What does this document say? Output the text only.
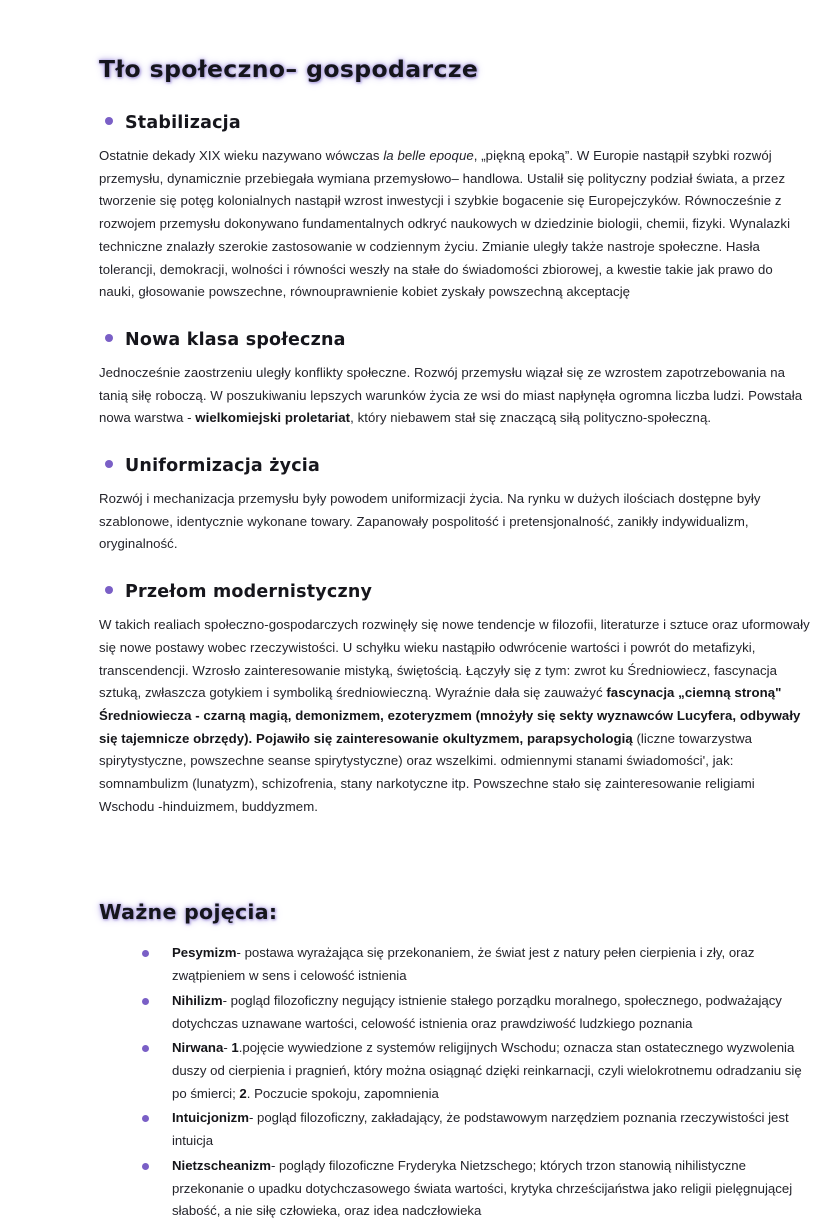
Tło społeczno– gospodarcze
Stabilizacja

Ostatnie dekady XIX wieku nazywano wówczas la belle epoque, „piękną epoką”. W Europie nastąpił szybki rozwój przemysłu, dynamicznie przebiegała wymiana przemysłowo– handlowa. Ustalił się polityczny podział świata, a przez tworzenie się potęg kolonialnych nastąpił wzrost inwestycji i szybkie bogacenie się Europejczyków. Równocześnie z rozwojem przemysłu dokonywano fundamentalnych odkryć naukowych w dziedzinie biologii, chemii, fizyki. Wynalazki techniczne znalazły szerokie zastosowanie w codziennym życiu. Zmianie uległy także nastroje społeczne. Hasła tolerancji, demokracji, wolności i równości weszły na stałe do świadomości zbiorowej, a kwestie takie jak prawo do nauki, głosowanie powszechne, równouprawnienie kobiet zyskały powszechną akceptację

Nowa klasa społeczna

Jednocześnie zaostrzeniu uległy konflikty społeczne. Rozwój przemysłu wiązał się ze wzrostem zapotrzebowania na tanią siłę roboczą. W poszukiwaniu lepszych warunków życia ze wsi do miast napłynęła ogromna liczba ludzi. Powstała nowa warstwa - wielkomiejski proletariat, który niebawem stał się znaczącą siłą polityczno-społeczną.

Uniformizacja życia

Rozwój i mechanizacja przemysłu były powodem uniformizacji życia. Na rynku w dużych ilościach dostępne były szablonowe, identycznie wykonane towary. Zapanowały pospolitość i pretensjonalność, zanikły indywidualizm, oryginalność.

Przełom modernistyczny

W takich realiach społeczno-gospodarczych rozwinęły się nowe tendencje w filozofii, literaturze i sztuce oraz uformowały się nowe postawy wobec rzeczywistości. U schyłku wieku nastąpiło odwrócenie wartości i powrót do metafizyki, transcendencji. Wzrosło zainteresowanie mistyką, świętością. Łączyły się z tym: zwrot ku Średniowiecz, fascynacja sztuką, zwłaszcza gotykiem i symboliką średniowieczną. Wyraźnie dała się zauważyć fascynacja „ciemną stroną" Średniowiecza - czarną magią, demonizmem, ezoteryzmem (mnożyły się sekty wyznawców Lucyfera, odbywały się tajemnicze obrzędy). Pojawiło się zainteresowanie okultyzmem, parapsychologią (liczne towarzystwa spirytystyczne, powszechne seanse spirytystyczne) oraz wszelkimi. odmiennymi stanami świadomości', jak: somnambulizm (lunatyzm), schizofrenia, stany narkotyczne itp. Powszechne stało się zainteresowanie religiami Wschodu -hinduizmem, buddyzmem.

Ważne pojęcia:
Pesymizm- postawa wyrażająca się przekonaniem, że świat jest z natury pełen cierpienia i zły, oraz zwątpieniem w sens i celowość istnienia
Nihilizm- pogląd filozoficzny negujący istnienie stałego porządku moralnego, społecznego, podważający dotychczas uznawane wartości, celowość istnienia oraz prawdziwość ludzkiego poznania
Nirwana- 1.pojęcie wywiedzione z systemów religijnych Wschodu; oznacza stan ostatecznego wyzwolenia duszy od cierpienia i pragnień, który można osiągnąć dzięki reinkarnacji, czyli wielokrotnemu odradzaniu się po śmierci; 2. Poczucie spokoju, zapomnienia
Intuicjonizm- pogląd filozoficzny, zakładający, że podstawowym narzędziem poznania rzeczywistości jest intuicja
Nietzscheanizm- poglądy filozoficzne Fryderyka Nietzschego; których trzon stanowią nihilistyczne przekonanie o upadku dotychczasowego świata wartości, krytyka chrześcijaństwa jako religii pielęgnującej słabość, a nie siłę człowieka, oraz idea nadczłowieka
